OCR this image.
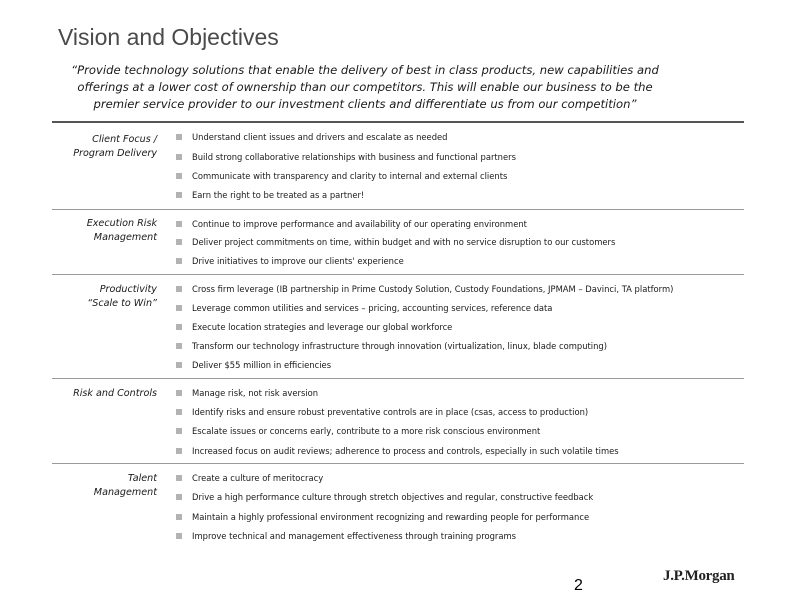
Vision and Objectives

“Provide technology solutions that enable the delivery of best in class products, new capabilities and
offerings at a lower cost of ownership than our competitors. This will enable our business to be the
premier service provider to our investment clients and differentiate us from our competition”

Client Focus /
Program Delivery
Understand client issues and drivers and escalate as needed
Build strong collaborative relationships with business and functional partners
Communicate with transparency and clarity to internal and external clients
Earn the right to be treated as a partner!
Execution Risk
Management
Continue to improve performance and availability of our operating environment
Deliver project commitments on time, within budget and with no service disruption to our customers
Drive initiatives to improve our clients' experience
Productivity
“Scale to Win”
Cross firm leverage (IB partnership in Prime Custody Solution, Custody Foundations, JPMAM – Davinci, TA platform)
Leverage common utilities and services – pricing, accounting services, reference data
Execute location strategies and leverage our global workforce
Transform our technology infrastructure through innovation (virtualization, linux, blade computing)
Deliver $55 million in efficiencies
Risk and Controls	Manage risk, not risk aversion
Identify risks and ensure robust preventative controls are in place (csas, access to production)
Escalate issues or concerns early, contribute to a more risk conscious environment
Increased focus on audit reviews; adherence to process and controls, especially in such volatile times
Talent
Management
Create a culture of meritocracy
Drive a high performance culture through stretch objectives and regular, constructive feedback
Maintain a highly professional environment recognizing and rewarding people for performance
Improve technical and management effectiveness through training programs
2
J.P.Morgan
